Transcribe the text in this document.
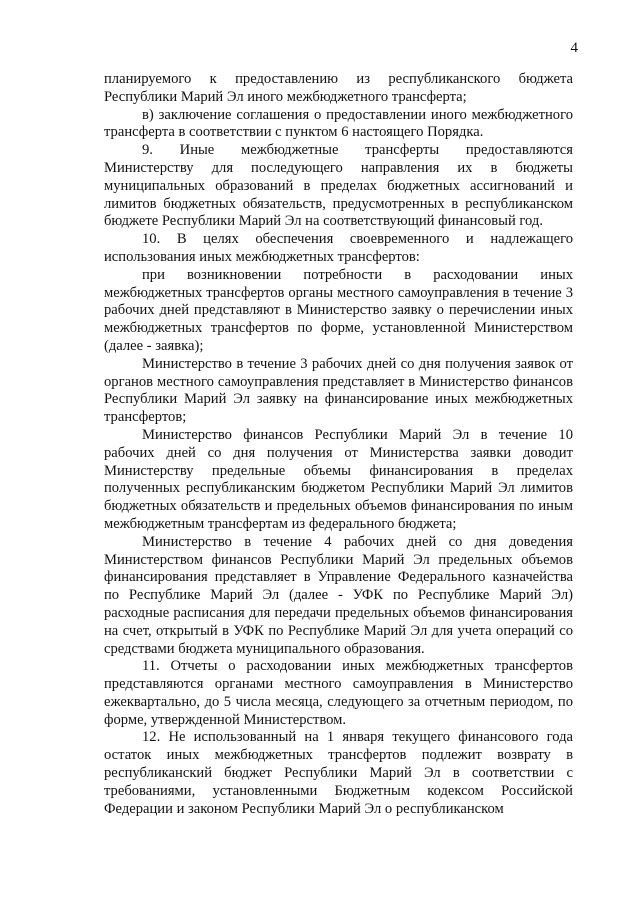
4

планируемого к предоставлению из республиканского бюджета Республики Марий Эл иного межбюджетного трансферта;

в) заключение соглашения о предоставлении иного межбюджетного трансферта в соответствии с пунктом 6 настоящего Порядка.

9. Иные межбюджетные трансферты предоставляются Министерству для последующего направления их в бюджеты муниципальных образований в пределах бюджетных ассигнований и лимитов бюджетных обязательств, предусмотренных в республиканском бюджете Республики Марий Эл на соответствующий финансовый год.

10. В целях обеспечения своевременного и надлежащего использования иных межбюджетных трансфертов:

при возникновении потребности в расходовании иных межбюджетных трансфертов органы местного самоуправления в течение 3 рабочих дней представляют в Министерство заявку о перечислении иных межбюджетных трансфертов по форме, установленной Министерством (далее - заявка);

Министерство в течение 3 рабочих дней со дня получения заявок от органов местного самоуправления представляет в Министерство финансов Республики Марий Эл заявку на финансирование иных межбюджетных трансфертов;

Министерство финансов Республики Марий Эл в течение 10 рабочих дней со дня получения от Министерства заявки доводит Министерству предельные объемы финансирования в пределах полученных республиканским бюджетом Республики Марий Эл лимитов бюджетных обязательств и предельных объемов финансирования по иным межбюджетным трансфертам из федерального бюджета;

Министерство в течение 4 рабочих дней со дня доведения Министерством финансов Республики Марий Эл предельных объемов финансирования представляет в Управление Федерального казначейства по Республике Марий Эл (далее - УФК по Республике Марий Эл) расходные расписания для передачи предельных объемов финансирования на счет, открытый в УФК по Республике Марий Эл для учета операций со средствами бюджета муниципального образования.

11. Отчеты о расходовании иных межбюджетных трансфертов представляются органами местного самоуправления в Министерство ежеквартально, до 5 числа месяца, следующего за отчетным периодом, по форме, утвержденной Министерством.

12. Не использованный на 1 января текущего финансового года остаток иных межбюджетных трансфертов подлежит возврату в республиканский бюджет Республики Марий Эл в соответствии с требованиями, установленными Бюджетным кодексом Российской Федерации и законом Республики Марий Эл о республиканском
